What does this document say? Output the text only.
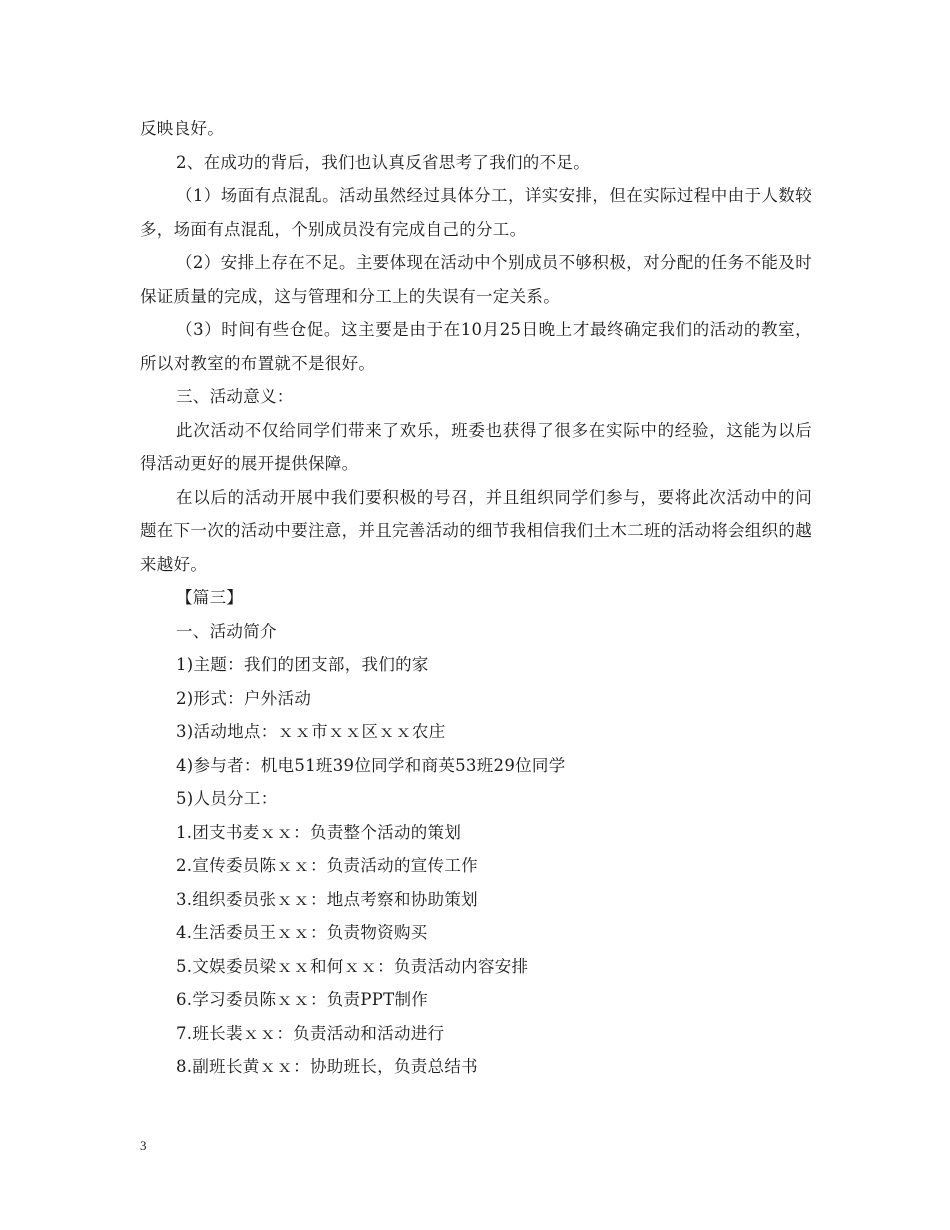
反映良好。

2、在成功的背后，我们也认真反省思考了我们的不足。

（1）场面有点混乱。活动虽然经过具体分工，详实安排，但在实际过程中由于人数较多，场面有点混乱，个别成员没有完成自己的分工。

（2）安排上存在不足。主要体现在活动中个别成员不够积极，对分配的任务不能及时保证质量的完成，这与管理和分工上的失误有一定关系。

（3）时间有些仓促。这主要是由于在10月25日晚上才最终确定我们的活动的教室，所以对教室的布置就不是很好。

三、活动意义：

此次活动不仅给同学们带来了欢乐，班委也获得了很多在实际中的经验，这能为以后得活动更好的展开提供保障。

在以后的活动开展中我们要积极的号召，并且组织同学们参与，要将此次活动中的问题在下一次的活动中要注意，并且完善活动的细节我相信我们土木二班的活动将会组织的越来越好。

【篇三】

一、活动简介

1)主题：我们的团支部，我们的家

2)形式：户外活动

3)活动地点：ｘｘ市ｘｘ区ｘｘ农庄

4)参与者：机电51班39位同学和商英53班29位同学

5)人员分工：

1.团支书麦ｘｘ：负责整个活动的策划

2.宣传委员陈ｘｘ：负责活动的宣传工作

3.组织委员张ｘｘ：地点考察和协助策划

4.生活委员王ｘｘ：负责物资购买

5.文娱委员梁ｘｘ和何ｘｘ：负责活动内容安排

6.学习委员陈ｘｘ：负责PPT制作

7.班长裴ｘｘ：负责活动和活动进行

8.副班长黄ｘｘ：协助班长，负责总结书

3
